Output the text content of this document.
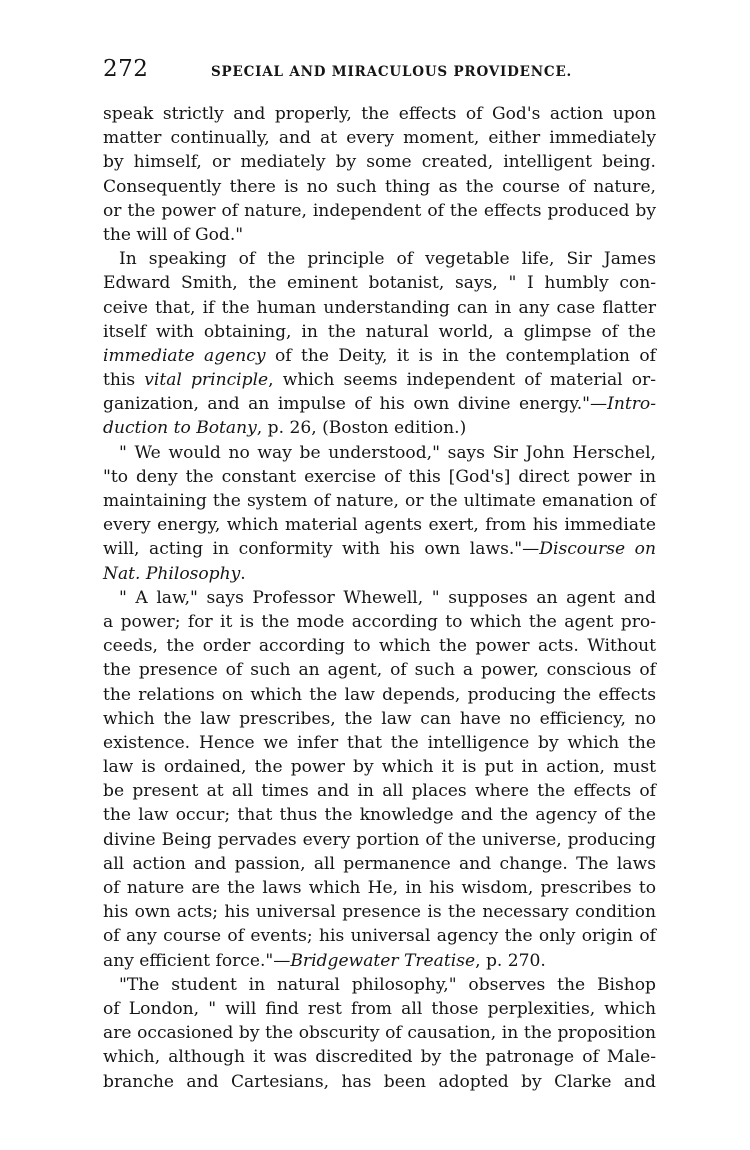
272	SPECIAL AND MIRACULOUS PROVIDENCE.
speak strictly and properly, the effects of God's action upon
matter continually, and at every moment, either immediately
by himself, or mediately by some created, intelligent being.
Consequently there is no such thing as the course of nature,
or the power of nature, independent of the effects produced by
the will of God."
In speaking of the principle of vegetable life, Sir James
Edward Smith, the eminent botanist, says, " I humbly con-
ceive that, if the human understanding can in any case flatter
itself with obtaining, in the natural world, a glimpse of the
immediate agency of the Deity, it is in the contemplation of
this vital principle, which seems independent of material or-
ganization, and an impulse of his own divine energy."—Intro-
duction to Botany, p. 26, (Boston edition.)
" We would no way be understood," says Sir John Herschel,
"to deny the constant exercise of this [God's] direct power in
maintaining the system of nature, or the ultimate emanation of
every energy, which material agents exert, from his immediate
will, acting in conformity with his own laws."—Discourse on
Nat. Philosophy.
" A law," says Professor Whewell, " supposes an agent and
a power; for it is the mode according to which the agent pro-
ceeds, the order according to which the power acts. Without
the presence of such an agent, of such a power, conscious of
the relations on which the law depends, producing the effects
which the law prescribes, the law can have no efficiency, no
existence. Hence we infer that the intelligence by which the
law is ordained, the power by which it is put in action, must
be present at all times and in all places where the effects of
the law occur; that thus the knowledge and the agency of the
divine Being pervades every portion of the universe, producing
all action and passion, all permanence and change. The laws
of nature are the laws which He, in his wisdom, prescribes to
his own acts; his universal presence is the necessary condition
of any course of events; his universal agency the only origin of
any efficient force."—Bridgewater Treatise, p. 270.
"The student in natural philosophy," observes the Bishop
of London, " will find rest from all those perplexities, which
are occasioned by the obscurity of causation, in the proposition
which, although it was discredited by the patronage of Male-
branche and Cartesians, has been adopted by Clarke and
